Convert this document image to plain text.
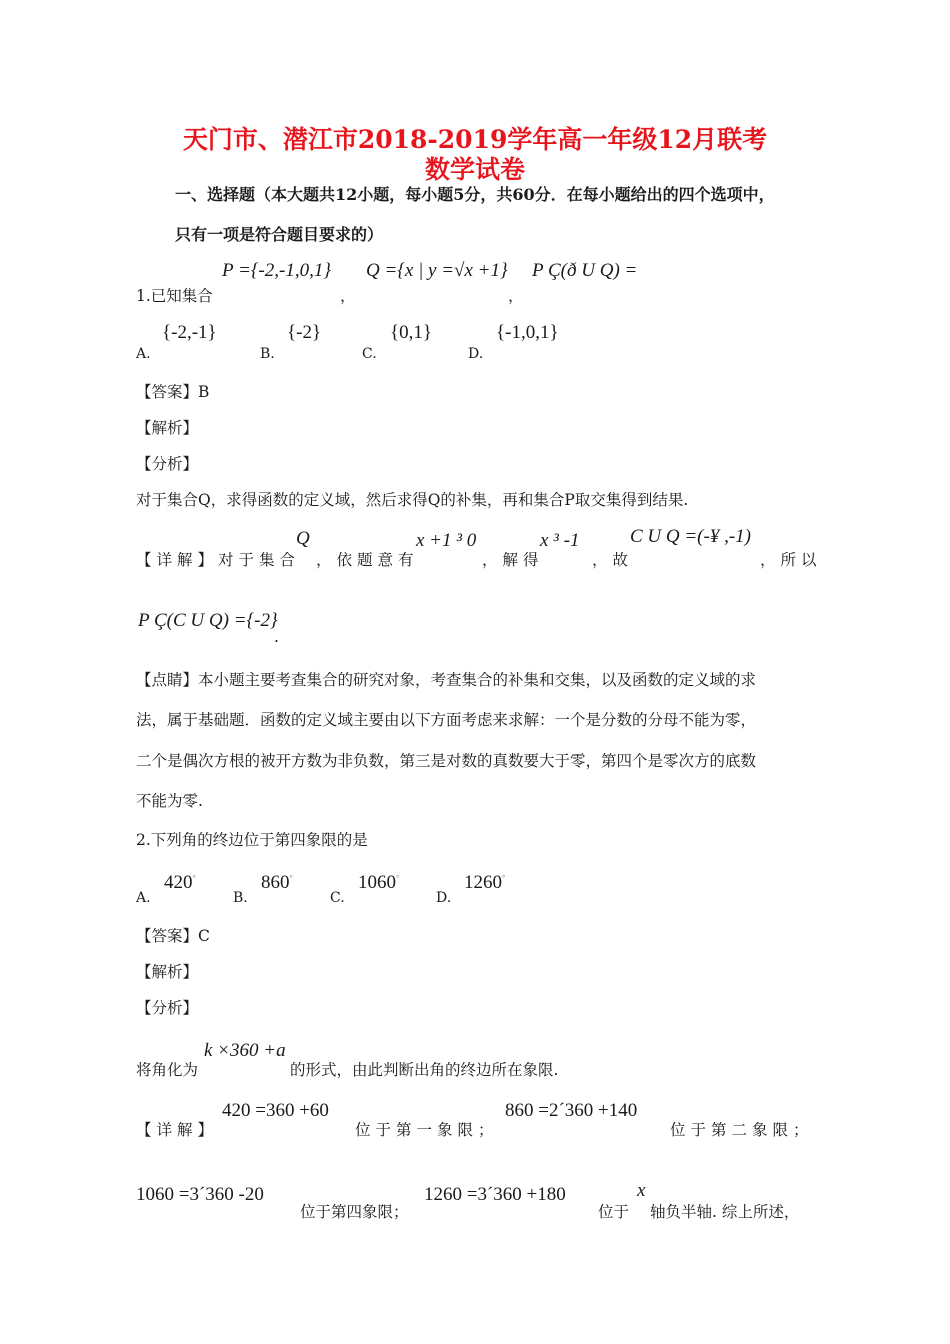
天门市、潜江市2018-2019学年高一年级12月联考
数学试卷
一、选择题（本大题共12小题，每小题5分，共60分．在每小题给出的四个选项中，
只有一项是符合题目要求的）
1.已知集合
P ={-2,-1,0,1}
，
Q ={x | y =√x +1}
，
P Ç(ð U Q) =
A.
{-2,-1}
B.
{-2}
C.
{0,1}
D.
{-1,0,1}
【答案】B
【解析】
【分析】
对于集合Q，求得函数的定义域，然后求得Q的补集，再和集合P取交集得到结果.
【详解】对于集合
Q
，依题意有
x +1 ³ 0
，解得
x ³ -1
，故
C U Q =(-¥ ,-1)
，所以
P Ç(C U Q) ={-2}
.
【点睛】本小题主要考查集合的研究对象，考查集合的补集和交集，以及函数的定义域的求
法，属于基础题．函数的定义域主要由以下方面考虑来求解：一个是分数的分母不能为零，
二个是偶次方根的被开方数为非负数，第三是对数的真数要大于零，第四个是零次方的底数
不能为零.
2.下列角的终边位于第四象限的是
A.
420°
B.
860°
C.
1060°
D.
1260°
【答案】C
【解析】
【分析】
将角化为
k ×360 +a
的形式，由此判断出角的终边所在象限.
【详解】
420 =360 +60
位于第一象限；
860 =2´360 +140
位于第二象限；
1060 =3´360 -20
位于第四象限；
1260 =3´360 +180
位于
x
轴负半轴. 综上所述，
